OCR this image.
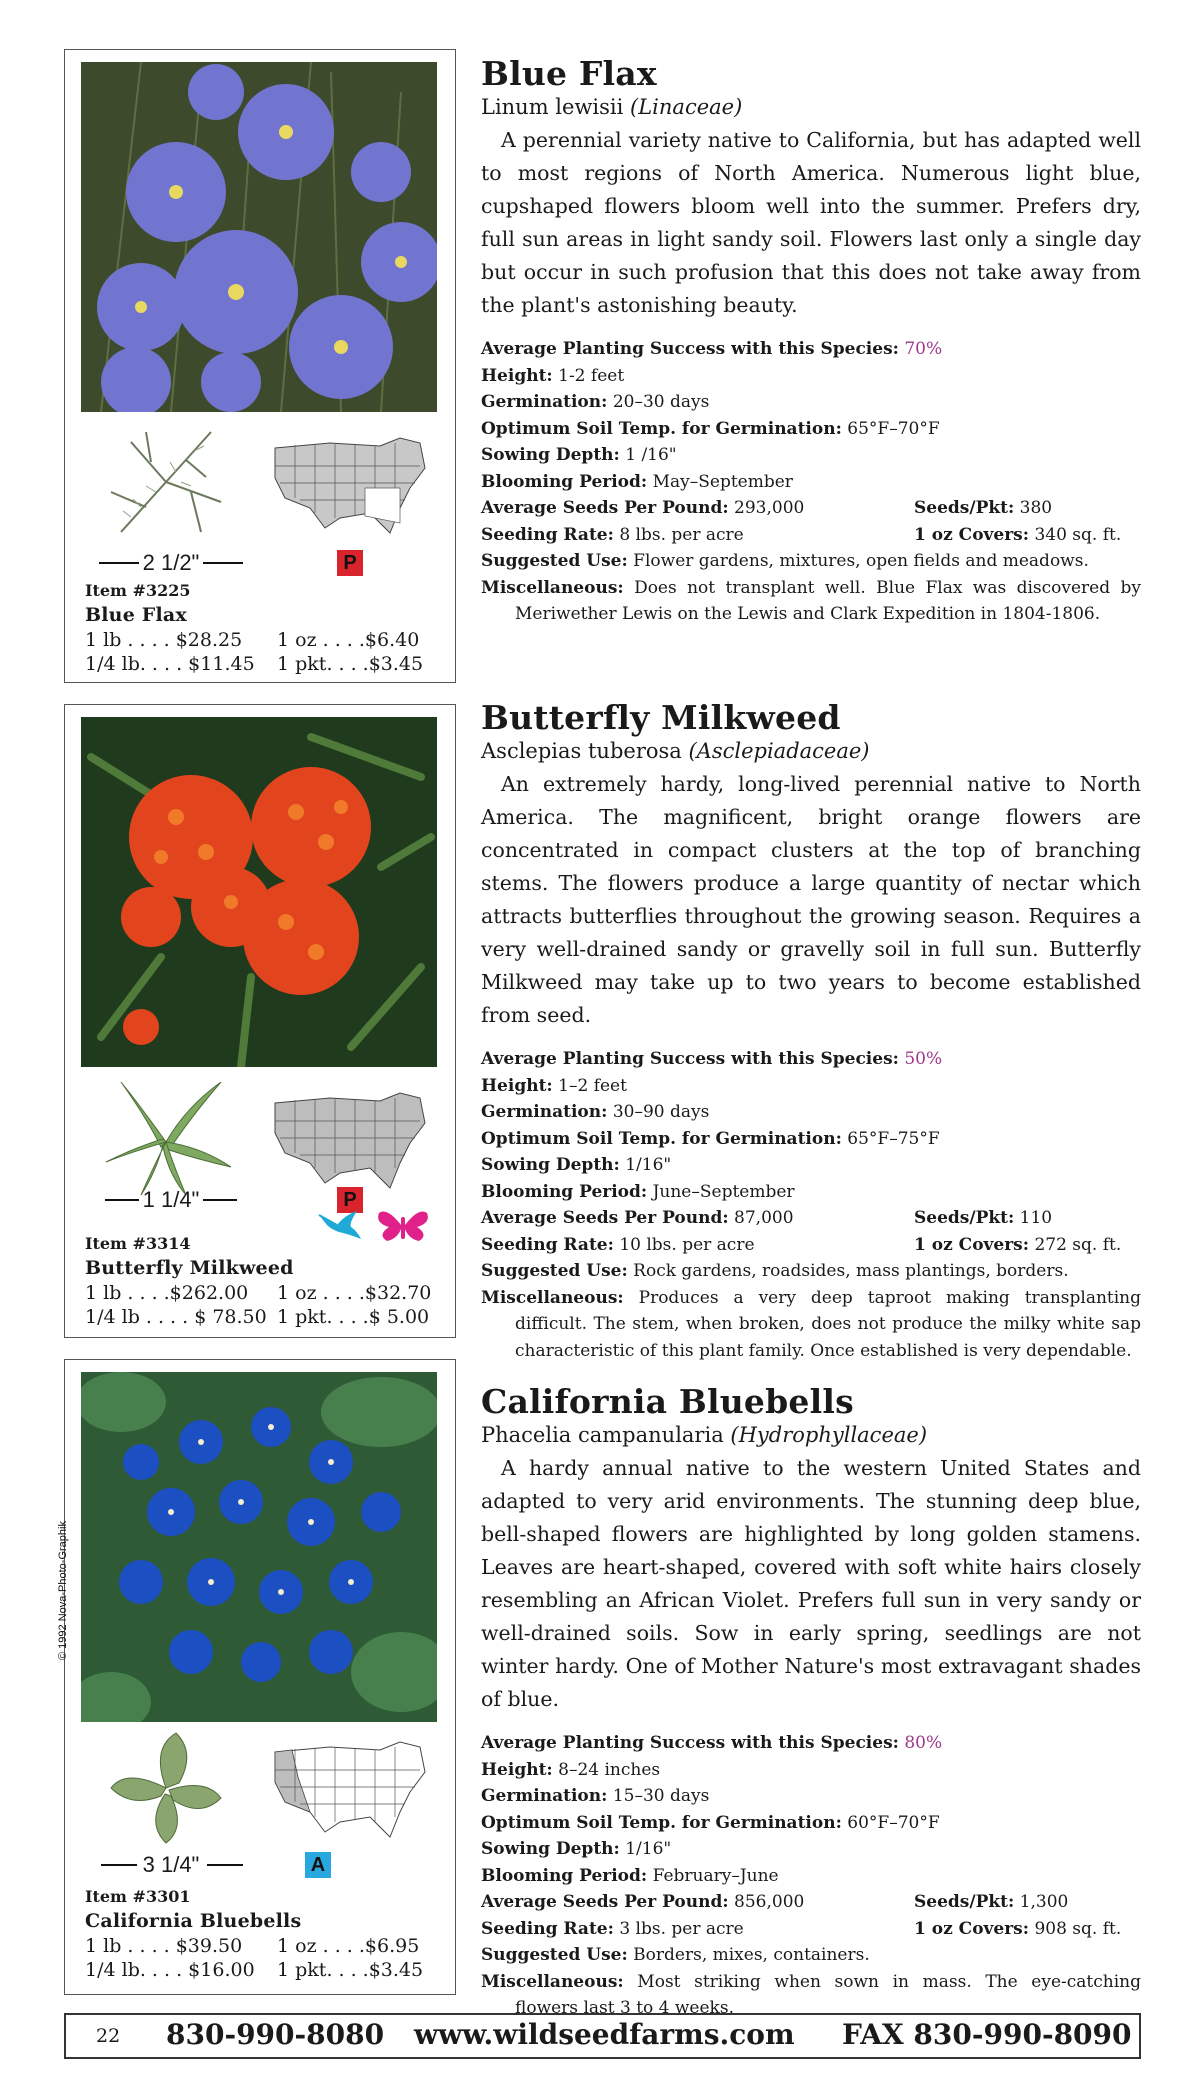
2 1/2"	P
Item #3225
Blue Flax
1 lb . . . . $28.25 1 oz . . . .$6.40
1/4 lb. . . . $11.45 1 pkt. . . .$3.45
Blue Flax
Linum lewisii (Linaceae)

A perennial variety native to California, but has adapted well to most regions of North America. Numerous light blue, cupshaped flowers bloom well into the summer. Prefers dry, full sun areas in light sandy soil. Flowers last only a single day but occur in such profusion that this does not take away from the plant's astonishing beauty.

Average Planting Success with this Species: 70%
Height: 1-2 feet
Germination: 20–30 days
Optimum Soil Temp. for Germination: 65°F–70°F
Sowing Depth: 1 /16"
Blooming Period: May–September
Average Seeds Per Pound: 293,000	Seeds/Pkt: 380
Seeding Rate: 8 lbs. per acre	1 oz Covers: 340 sq. ft.
Suggested Use: Flower gardens, mixtures, open fields and meadows.
Miscellaneous: Does not transplant well. Blue Flax was discovered by Meriwether Lewis on the Lewis and Clark Expedition in 1804-1806.
1 1/4"	P
Item #3314
Butterfly Milkweed
1 lb . . . .$262.00 1 oz . . . .$32.70
1/4 lb . . . . $ 78.50 1 pkt. . . .$ 5.00
Butterfly Milkweed
Asclepias tuberosa (Asclepiadaceae)

An extremely hardy, long-lived perennial native to North America. The magnificent, bright orange flowers are concentrated in compact clusters at the top of branching stems. The flowers produce a large quantity of nectar which attracts butterflies throughout the growing season. Requires a very well-drained sandy or gravelly soil in full sun. Butterfly Milkweed may take up to two years to become established from seed.

Average Planting Success with this Species: 50%
Height: 1–2 feet
Germination: 30–90 days
Optimum Soil Temp. for Germination: 65°F–75°F
Sowing Depth: 1/16"
Blooming Period: June–September
Average Seeds Per Pound: 87,000	Seeds/Pkt: 110
Seeding Rate: 10 lbs. per acre	1 oz Covers: 272 sq. ft.
Suggested Use: Rock gardens, roadsides, mass plantings, borders.
Miscellaneous: Produces a very deep taproot making transplanting difficult. The stem, when broken, does not produce the milky white sap characteristic of this plant family. Once established is very dependable.
© 1992 Nova-Photo-Graphik
3 1/4"	A
Item #3301
California Bluebells
1 lb . . . . $39.50 1 oz . . . .$6.95
1/4 lb. . . . $16.00 1 pkt. . . .$3.45
California Bluebells
Phacelia campanularia (Hydrophyllaceae)

A hardy annual native to the western United States and adapted to very arid environments. The stunning deep blue, bell-shaped flowers are highlighted by long golden stamens. Leaves are heart-shaped, covered with soft white hairs closely resembling an African Violet. Prefers full sun in very sandy or well-drained soils. Sow in early spring, seedlings are not winter hardy. One of Mother Nature's most extravagant shades of blue.

Average Planting Success with this Species: 80%
Height: 8–24 inches
Germination: 15–30 days
Optimum Soil Temp. for Germination: 60°F–70°F
Sowing Depth: 1/16"
Blooming Period: February–June
Average Seeds Per Pound: 856,000	Seeds/Pkt: 1,300
Seeding Rate: 3 lbs. per acre	1 oz Covers: 908 sq. ft.
Suggested Use: Borders, mixes, containers.
Miscellaneous: Most striking when sown in mass. The eye-catching flowers last 3 to 4 weeks.
22 830-990-8080 www.wildseedfarms.com FAX 830-990-8090
